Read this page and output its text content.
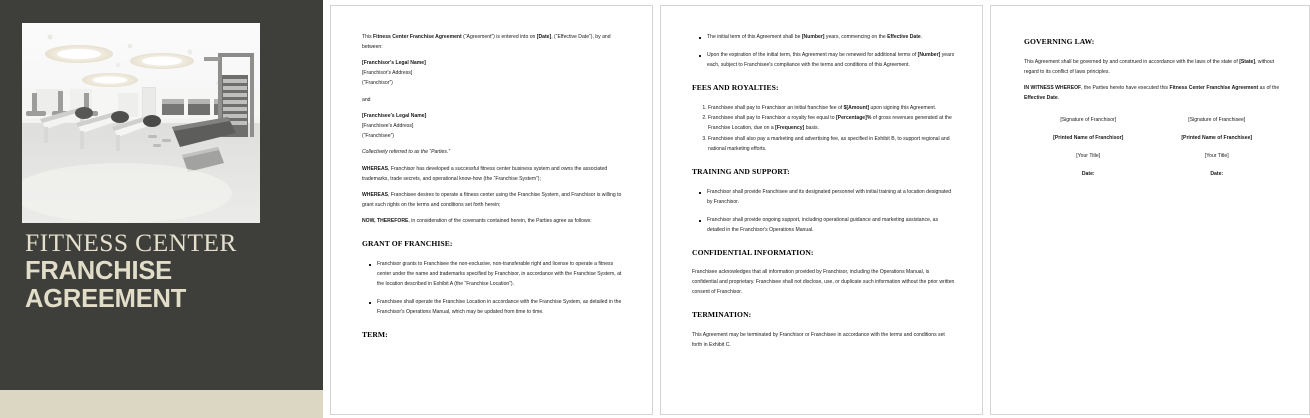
FITNESS CENTER
FRANCHISE
AGREEMENT

This Fitness Center Franchise Agreement (“Agreement”) is entered into on [Date], (“Effective Date”), by and between:

[Franchisor's Legal Name]

[Franchisor's Address]

(“Franchisor”)

and

[Franchisee's Legal Name]

[Franchisee's Address]

(“Franchisee”)

Collectively referred to as the “Parties.”

WHEREAS, Franchisor has developed a successful fitness center business system and owns the associated trademarks, trade secrets, and operational know-how (the “Franchise System”);

WHEREAS, Franchisee desires to operate a fitness center using the Franchise System, and Franchisor is willing to grant such rights on the terms and conditions set forth herein;

NOW, THEREFORE, in consideration of the covenants contained herein, the Parties agree as follows:

GRANT OF FRANCHISE:
Franchisor grants to Franchisee the non-exclusive, non-transferable right and license to operate a fitness center under the name and trademarks specified by Franchisor, in accordance with the Franchise System, at the location described in Exhibit A (the “Franchise Location”).
Franchisee shall operate the Franchise Location in accordance with the Franchise System, as detailed in the Franchisor's Operations Manual, which may be updated from time to time.
TERM:
The initial term of this Agreement shall be [Number] years, commencing on the Effective Date.
Upon the expiration of the initial term, this Agreement may be renewed for additional terms of [Number] years each, subject to Franchisee's compliance with the terms and conditions of this Agreement.
FEES AND ROYALTIES:
1. Franchisee shall pay to Franchisor an initial franchise fee of $[Amount] upon signing this Agreement.
2. Franchisee shall pay to Franchisor a royalty fee equal to [Percentage]% of gross revenues generated at the Franchise Location, due on a [Frequency] basis.
3. Franchisee shall also pay a marketing and advertising fee, as specified in Exhibit B, to support regional and national marketing efforts.
TRAINING AND SUPPORT:
Franchisor shall provide Franchisee and its designated personnel with initial training at a location designated by Franchisor.
Franchisor shall provide ongoing support, including operational guidance and marketing assistance, as detailed in the Franchisor's Operations Manual.
CONFIDENTIAL INFORMATION:

Franchisee acknowledges that all information provided by Franchisor, including the Operations Manual, is confidential and proprietary. Franchisee shall not disclose, use, or duplicate such information without the prior written consent of Franchisor.

TERMINATION:

This Agreement may be terminated by Franchisor or Franchisee in accordance with the terms and conditions set forth in Exhibit C.

GOVERNING LAW:

This Agreement shall be governed by and construed in accordance with the laws of the state of [State], without regard to its conflict of laws principles.

IN WITNESS WHEREOF, the Parties hereto have executed this Fitness Center Franchise Agreement as of the Effective Date.

[Signature of Franchisor]
[Printed Name of Franchisor]
[Your Title]
Date:
[Signature of Franchisee]
[Printed Name of Franchisee]
[Your Title]
Date:
